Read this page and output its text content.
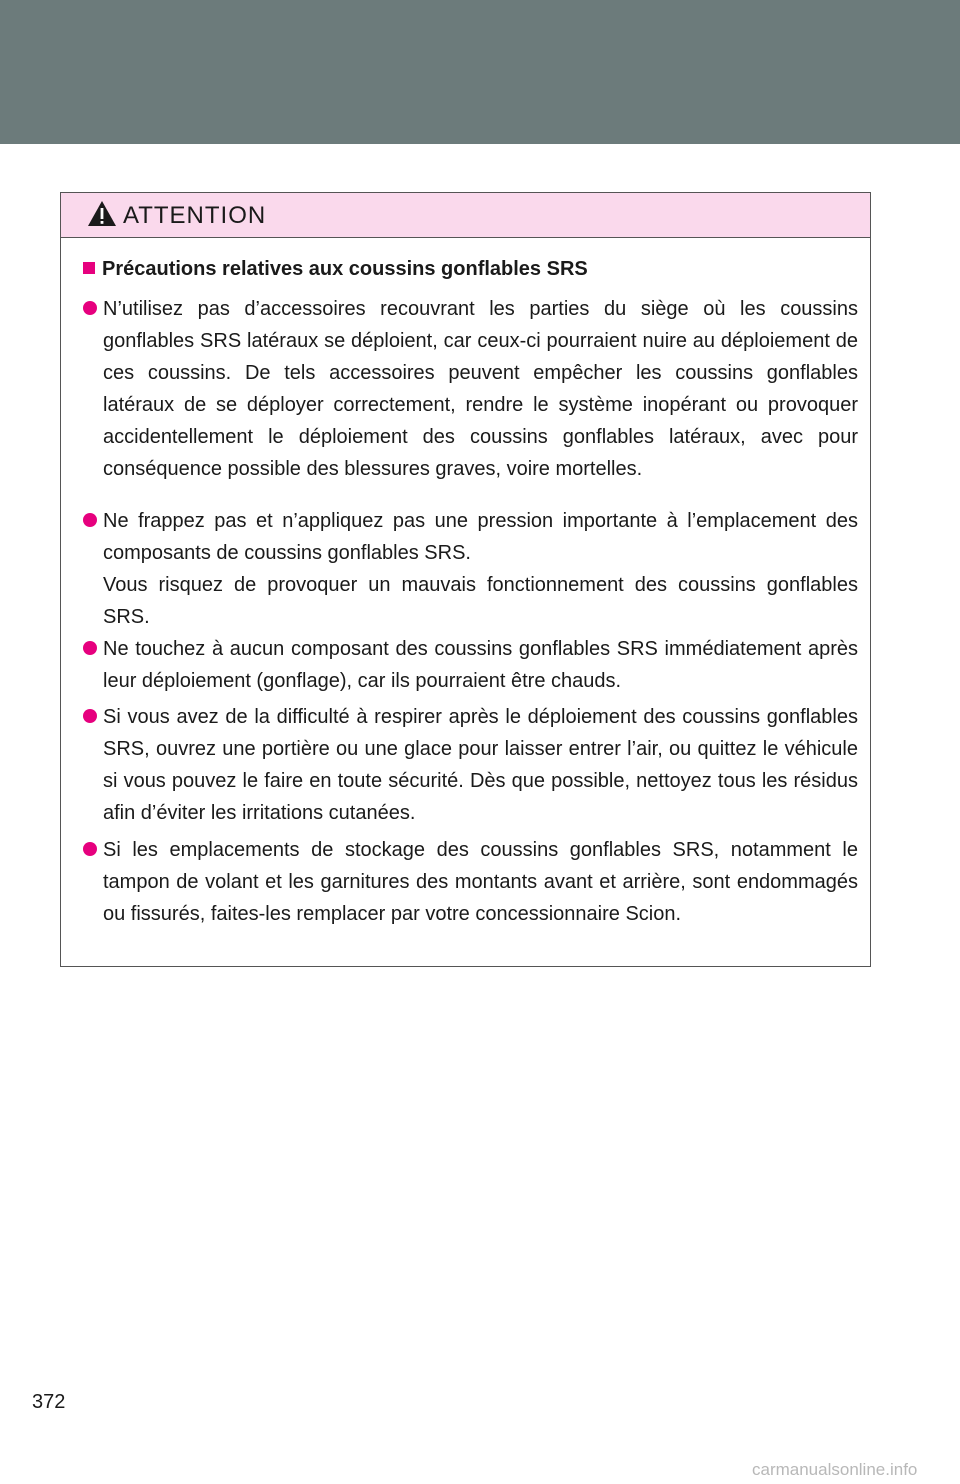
ATTENTION
Précautions relatives aux coussins gonflables SRS

N’utilisez pas d’accessoires recouvrant les parties du siège où les coussins gonflables SRS latéraux se déploient, car ceux-ci pourraient nuire au déploiement de ces coussins. De tels accessoires peuvent empêcher les coussins gonflables latéraux de se déployer correctement, rendre le système inopérant ou provoquer accidentellement le déploiement des coussins gonflables latéraux, avec pour conséquence possible des blessures graves, voire mortelles.

Ne frappez pas et n’appliquez pas une pression importante à l’emplacement des composants de coussins gonflables SRS.

Vous risquez de provoquer un mauvais fonctionnement des coussins gonflables SRS.

Ne touchez à aucun composant des coussins gonflables SRS immédiatement après leur déploiement (gonflage), car ils pourraient être chauds.

Si vous avez de la difficulté à respirer après le déploiement des coussins gonflables SRS, ouvrez une portière ou une glace pour laisser entrer l’air, ou quittez le véhicule si vous pouvez le faire en toute sécurité. Dès que possible, nettoyez tous les résidus afin d’éviter les irritations cutanées.

Si les emplacements de stockage des coussins gonflables SRS, notamment le tampon de volant et les garnitures des montants avant et arrière, sont endommagés ou fissurés, faites-les remplacer par votre concessionnaire Scion.

372
carmanualsonline.info
